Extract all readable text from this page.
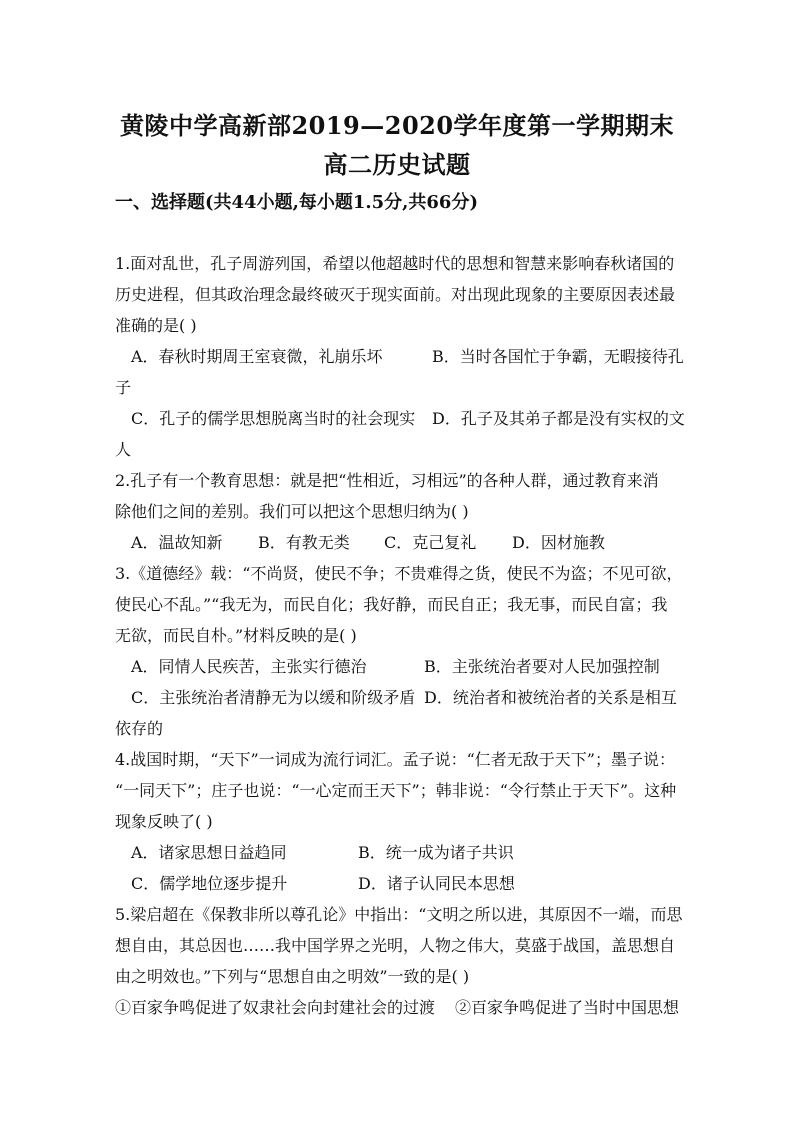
黄陵中学高新部2019—2020学年度第一学期期末
高二历史试题
一、选择题(共44小题,每小题1.5分,共66分)
1.面对乱世，孔子周游列国，希望以他超越时代的思想和智慧来影响春秋诸国的
历史进程，但其政治理念最终破灭于现实面前。对出现此现象的主要原因表述最
准确的是( )
A．春秋时期周王室衰微，礼崩乐坏	B．当时各国忙于争霸，无暇接待孔
子
C．孔子的儒学思想脱离当时的社会现实 D．孔子及其弟子都是没有实权的文
人
2.孔子有一个教育思想：就是把“性相近，习相远”的各种人群，通过教育来消
除他们之间的差别。我们可以把这个思想归纳为( )
A．温故知新 B．有教无类 C．克己复礼 D．因材施教
3.《道德经》载：“不尚贤，使民不争；不贵难得之货，使民不为盗；不见可欲，
使民心不乱。”“我无为，而民自化；我好静，而民自正；我无事，而民自富；我
无欲，而民自朴。”材料反映的是( )
A．同情人民疾苦，主张实行德治	B．主张统治者要对人民加强控制
C．主张统治者清静无为以缓和阶级矛盾 D．统治者和被统治者的关系是相互
依存的
4.战国时期，“天下”一词成为流行词汇。孟子说：“仁者无敌于天下”；墨子说：
“一同天下”；庄子也说：“一心定而王天下”；韩非说：“令行禁止于天下”。这种
现象反映了( )
A．诸家思想日益趋同	B．统一成为诸子共识
C．儒学地位逐步提升	D．诸子认同民本思想
5.梁启超在《保教非所以尊孔论》中指出：“文明之所以进，其原因不一端，而思
想自由，其总因也……我中国学界之光明，人物之伟大，莫盛于战国，盖思想自
由之明效也。”下列与“思想自由之明效”一致的是( )
①百家争鸣促进了奴隶社会向封建社会的过渡 ②百家争鸣促进了当时中国思想
